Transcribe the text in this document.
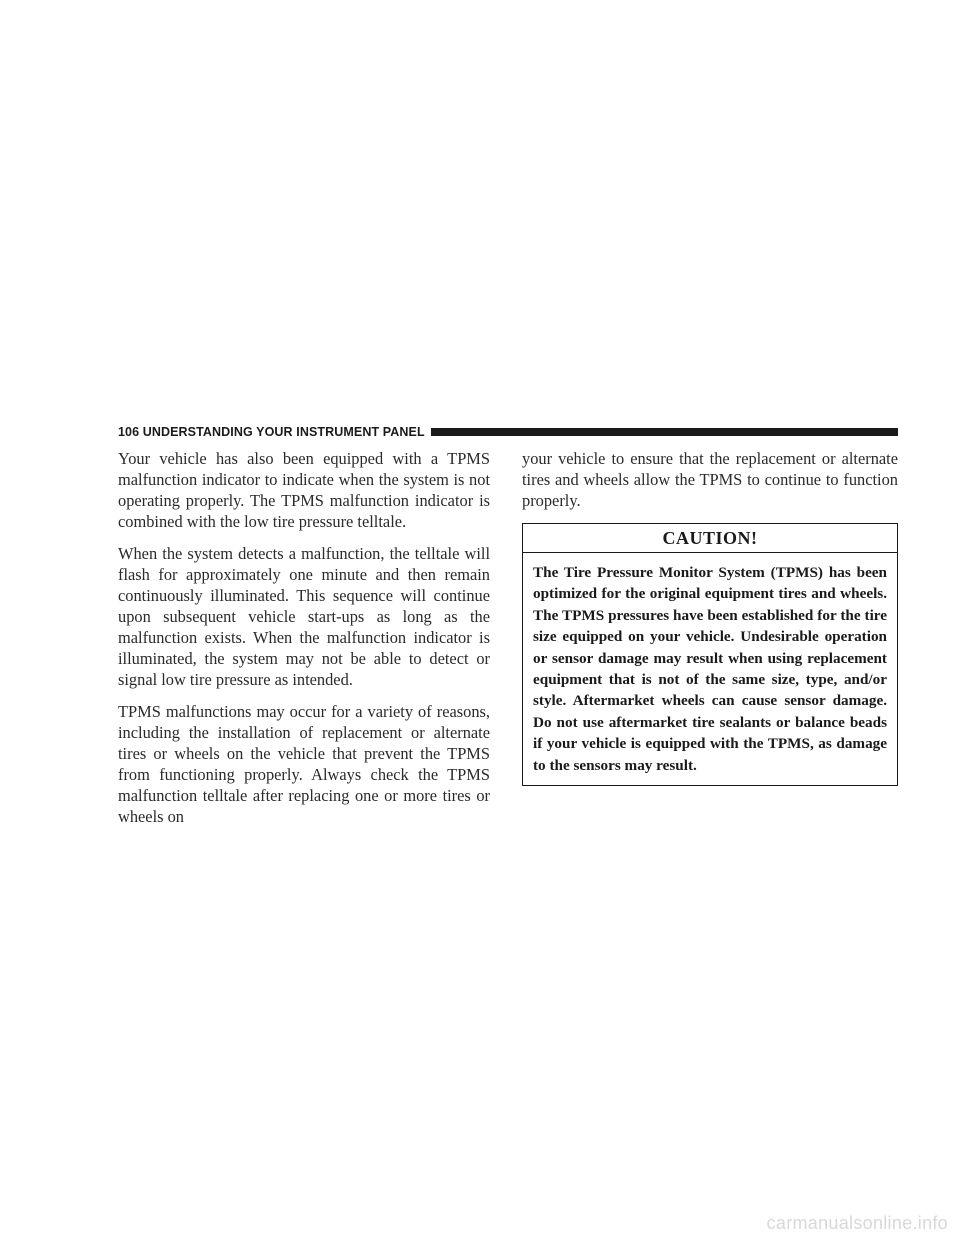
106 UNDERSTANDING YOUR INSTRUMENT PANEL

Your vehicle has also been equipped with a TPMS malfunction indicator to indicate when the system is not operating properly. The TPMS malfunction indicator is combined with the low tire pressure telltale.

When the system detects a malfunction, the telltale will flash for approximately one minute and then remain continuously illuminated. This sequence will continue upon subsequent vehicle start-ups as long as the malfunction exists. When the malfunction indicator is illuminated, the system may not be able to detect or signal low tire pressure as intended.

TPMS malfunctions may occur for a variety of reasons, including the installation of replacement or alternate tires or wheels on the vehicle that prevent the TPMS from functioning properly. Always check the TPMS malfunction telltale after replacing one or more tires or wheels on

your vehicle to ensure that the replacement or alternate tires and wheels allow the TPMS to continue to function properly.

CAUTION!
The Tire Pressure Monitor System (TPMS) has been optimized for the original equipment tires and wheels. The TPMS pressures have been established for the tire size equipped on your vehicle. Undesirable operation or sensor damage may result when using replacement equipment that is not of the same size, type, and/or style. Aftermarket wheels can cause sensor damage. Do not use aftermarket tire sealants or balance beads if your vehicle is equipped with the TPMS, as damage to the sensors may result.
carmanualsonline.info
